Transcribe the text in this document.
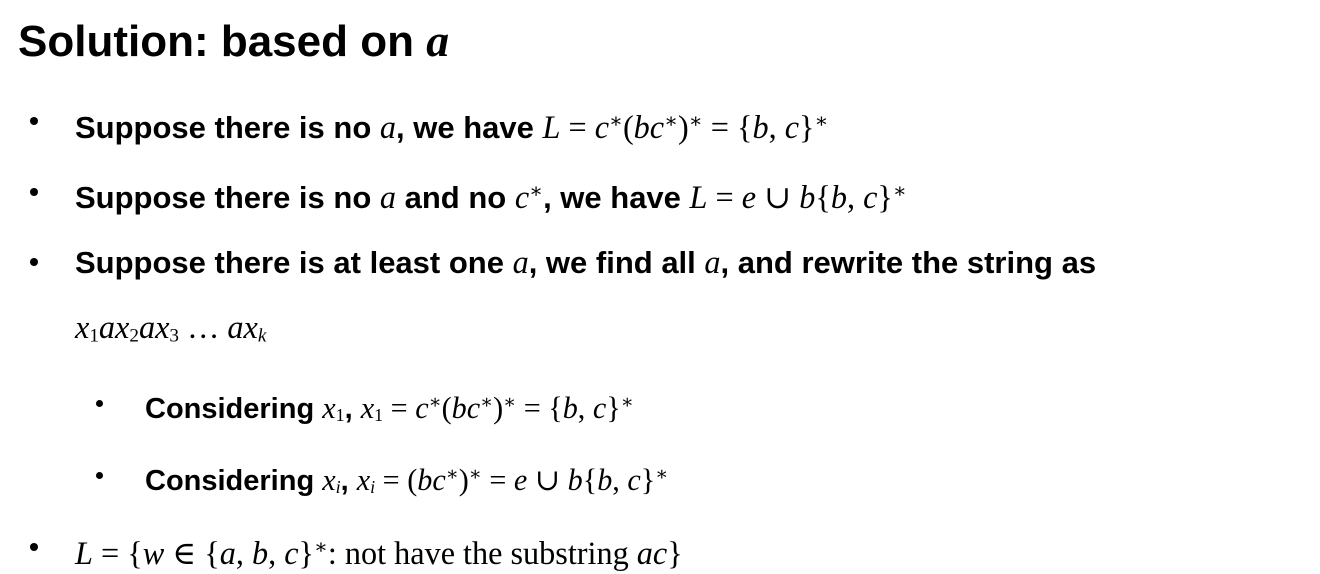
Solution: based on a
Suppose there is no a, we have L = c∗(bc∗)∗ = {b, c}∗
Suppose there is no a and no c∗, we have L = e ∪ b{b, c}∗
Suppose there is at least one a, we find all a, and rewrite the string as
x1ax2ax3 … axk
Considering x1, x1 = c∗(bc∗)∗ = {b, c}∗
Considering xi, xi = (bc∗)∗ = e ∪ b{b, c}∗
L = {w ∈ {a, b, c}∗: not have the substring ac}
